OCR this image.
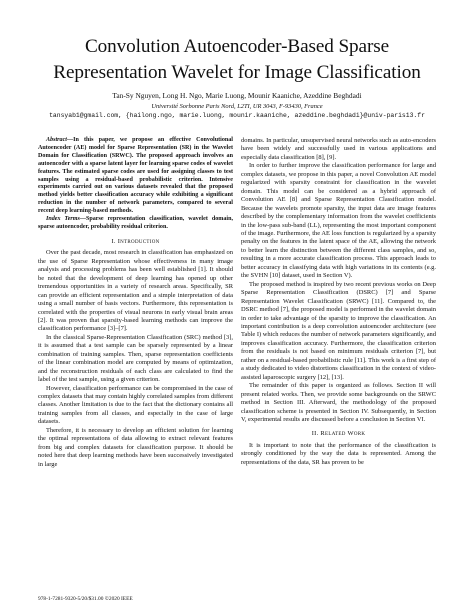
Convolution Autoencoder-Based Sparse
Representation Wavelet for Image Classification
Tan-Sy Nguyen, Long H. Ngo, Marie Luong, Mounir Kaaniche, Azeddine Beghdadi
Université Sorbonne Paris Nord, L2TI, UR 3043, F-93430, France
tansyab1@gmail.com, {hailong.ngo, marie.luong, mounir.kaaniche, azeddine.beghdadi}@univ-paris13.fr

Abstract—In this paper, we propose an effective Convolutional Autoencoder (AE) model for Sparse Representation (SR) in the Wavelet Domain for Classification (SRWC). The proposed approach involves an autoencoder with a sparse latent layer for learning sparse codes of wavelet features. The estimated sparse codes are used for assigning classes to test samples using a residual-based probabilistic criterion. Intensive experiments carried out on various datasets revealed that the proposed method yields better classification accuracy while exhibiting a significant reduction in the number of network parameters, compared to several recent deep learning-based methods.

Index Terms—Sparse representation classification, wavelet domain, sparse autoencoder, probability residual criterion.

I. Introduction

Over the past decade, most research in classification has emphasized on the use of Sparse Representation whose effectiveness in many image analysis and processing problems has been well established [1]. It should be noted that the development of deep learning has opened up other tremendous opportunities in a variety of research areas. Specifically, SR can provide an efficient representation and a simple interpretation of data using a small number of basis vectors. Furthermore, this representation is correlated with the properties of visual neurons in early visual brain areas [2]. It was proven that sparsity-based learning methods can improve the classification performance [3]–[7].

In the classical Sparse-Representation Classification (SRC) method [3], it is assumed that a test sample can be sparsely represented by a linear combination of training samples. Then, sparse representation coefficients of the linear combination model are computed by means of optimization, and the reconstruction residuals of each class are calculated to find the label of the test sample, using a given criterion.

However, classification performance can be compromised in the case of complex datasets that may contain highly correlated samples from different classes. Another limitation is due to the fact that the dictionary contains all training samples from all classes, and especially in the case of large datasets.

Therefore, it is necessary to develop an efficient solution for learning the optimal representations of data allowing to extract relevant features from big and complex datasets for classification purpose. It should be noted here that deep learning methods have been successively investigated in large

domains. In particular, unsupervised neural networks such as auto-encoders have been widely and successfully used in various applications and especially data classification [8], [9].

In order to further improve the classification performance for large and complex datasets, we propose in this paper, a novel Convolution AE model regularized with sparsity constraint for classification in the wavelet domain. This model can be considered as a hybrid approach of Convolution AE [8] and Sparse Representation Classification model. Because the wavelets promote sparsity, the input data are image features described by the complementary information from the wavelet coefficients in the low-pass sub-band (LL), representing the most important component of the image. Furthermore, the AE loss function is regularized by a sparsity penalty on the features in the latent space of the AE, allowing the network to better learn the distinction between the different class samples, and so, resulting in a more accurate classification process. This approach leads to better accuracy in classifying data with high variations in its contents (e.g. the SVHN [10] dataset, used in Section V).

The proposed method is inspired by two recent previous works on Deep Sparse Representation Classification (DSRC) [7] and Sparse Representation Wavelet Classification (SRWC) [11]. Compared to, the DSRC method [7], the proposed model is performed in the wavelet domain in order to take advantage of the sparsity to improve the classification. An important contribution is a deep convolution autoencoder architecture (see Table I) which reduces the number of network parameters significantly, and improves classification accuracy. Furthermore, the classification criterion from the residuals is not based on minimum residuals criterion [7], but rather on a residual-based probabilistic rule [11]. This work is a first step of a study dedicated to video distortions classification in the context of video-assisted laparoscopic surgery [12], [13].

The remainder of this paper is organized as follows. Section II will present related works. Then, we provide some backgrounds on the SRWC method in Section III. Afterward, the methodology of the proposed classification scheme is presented in Section IV. Subsequently, in Section V, experimental results are discussed before a conclusion in Section VI.

II. Related Work

It is important to note that the performance of the classification is strongly conditioned by the way the data is represented. Among the representations of the data, SR has proven to be

978-1-7281-9320-5/20/$31.00 ©2020 IEEE
